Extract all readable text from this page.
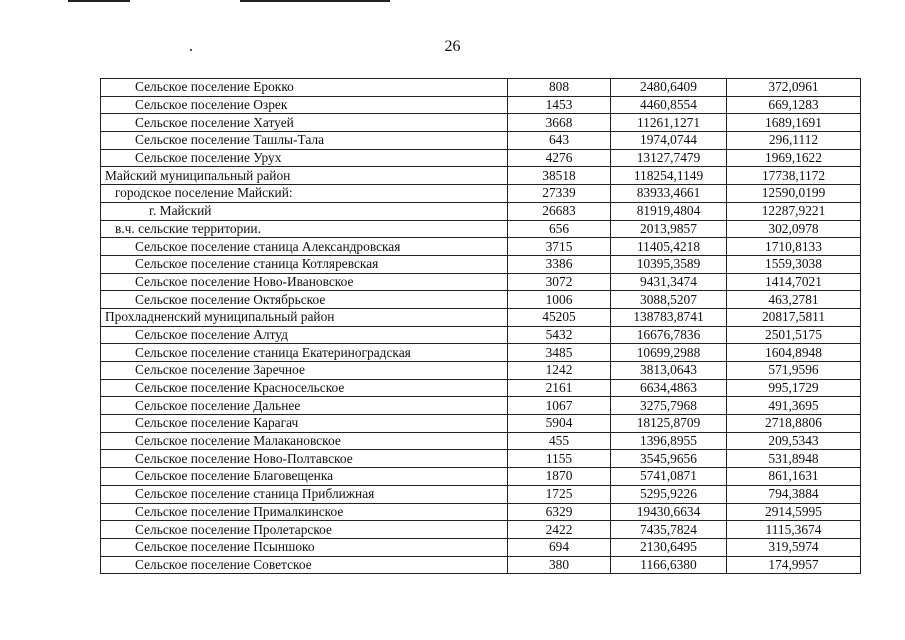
26
Сельское поселение Ерокко	808	2480,6409	372,0961
Сельское поселение Озрек	1453	4460,8554	669,1283
Сельское поселение Хатуей	3668	11261,1271	1689,1691
Сельское поселение Ташлы-Тала	643	1974,0744	296,1112
Сельское поселение Урух	4276	13127,7479	1969,1622
Майский муниципальный район	38518	118254,1149	17738,1172
городское поселение Майский:	27339	83933,4661	12590,0199
г. Майский	26683	81919,4804	12287,9221
в.ч. сельские территории.	656	2013,9857	302,0978
Сельское поселение станица Александровская	3715	11405,4218	1710,8133
Сельское поселение станица Котляревская	3386	10395,3589	1559,3038
Сельское поселение Ново-Ивановское	3072	9431,3474	1414,7021
Сельское поселение Октябрьское	1006	3088,5207	463,2781
Прохладненский муниципальный район	45205	138783,8741	20817,5811
Сельское поселение Алтуд	5432	16676,7836	2501,5175
Сельское поселение станица Екатериноградская	3485	10699,2988	1604,8948
Сельское поселение Заречное	1242	3813,0643	571,9596
Сельское поселение Красносельское	2161	6634,4863	995,1729
Сельское поселение Дальнее	1067	3275,7968	491,3695
Сельское поселение Карагач	5904	18125,8709	2718,8806
Сельское поселение Малакановское	455	1396,8955	209,5343
Сельское поселение Ново-Полтавское	1155	3545,9656	531,8948
Сельское поселение Благовещенка	1870	5741,0871	861,1631
Сельское поселение станица Приближная	1725	5295,9226	794,3884
Сельское поселение Прималкинское	6329	19430,6634	2914,5995
Сельское поселение Пролетарское	2422	7435,7824	1115,3674
Сельское поселение Псыншоко	694	2130,6495	319,5974
Сельское поселение Советское	380	1166,6380	174,9957
